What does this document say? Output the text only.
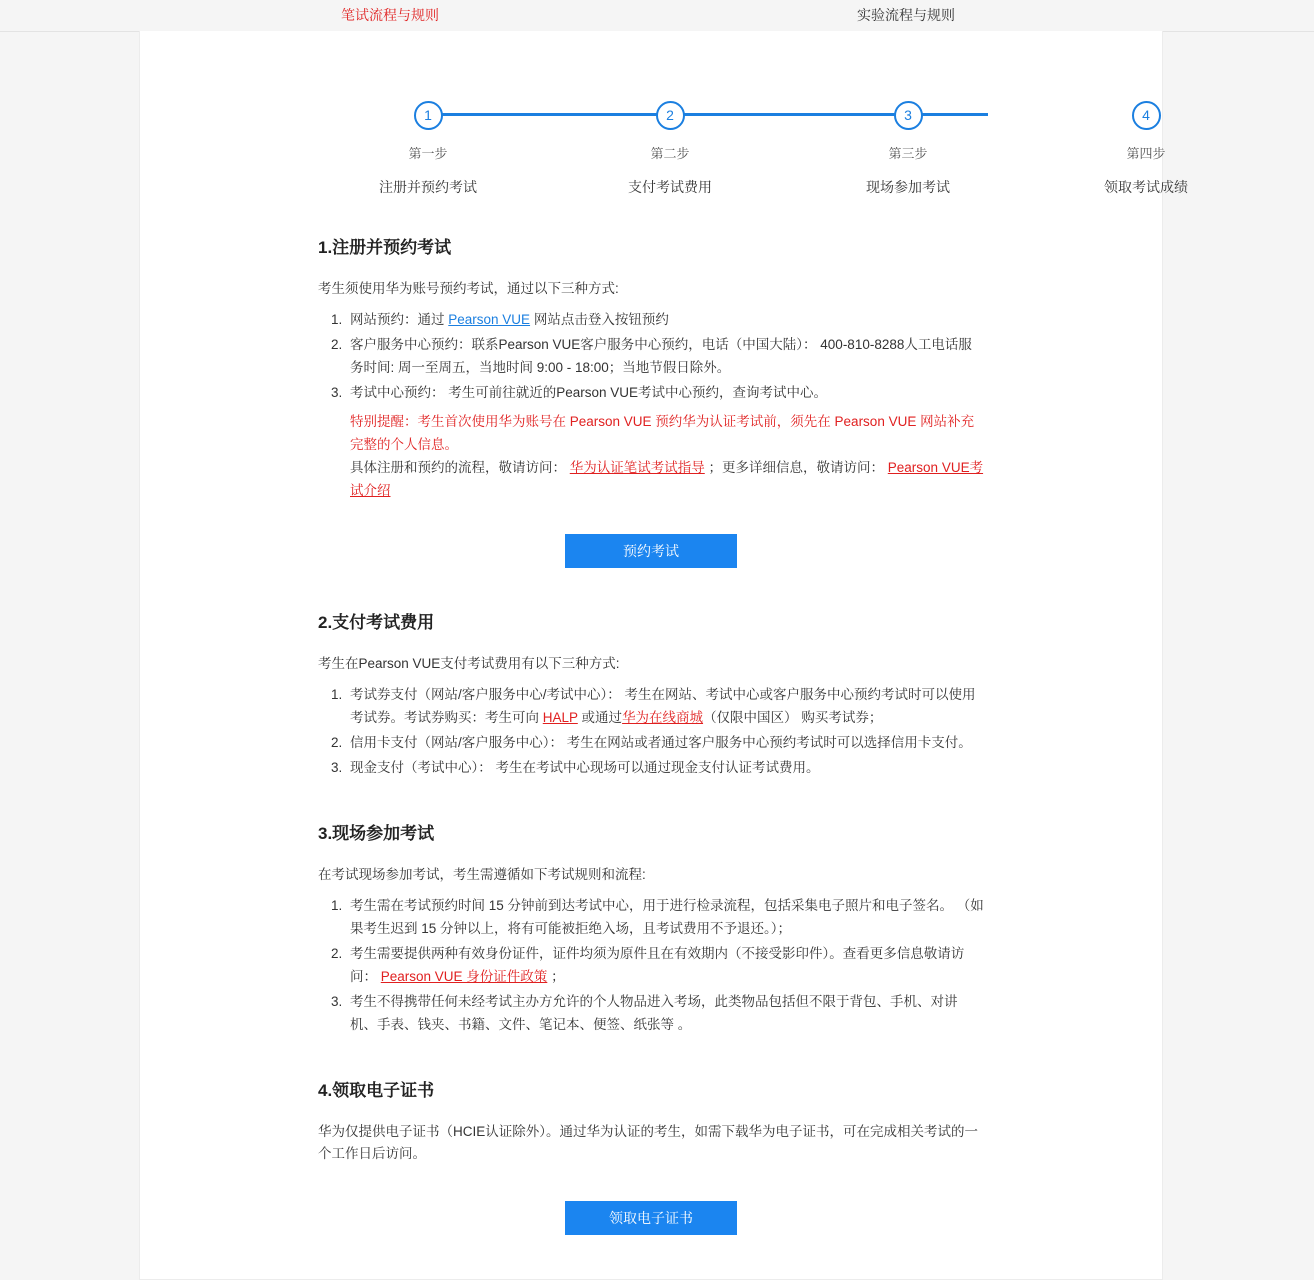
笔试流程与规则	实验流程与规则
1
第一步
注册并预约考试
2
第二步
支付考试费用
3
第三步
现场参加考试
4
第四步
领取考试成绩
1.注册并预约考试

考生须使用华为账号预约考试，通过以下三种方式:

1. 网站预约：通过 Pearson VUE 网站点击登入按钮预约
2. 客户服务中心预约：联系Pearson VUE客户服务中心预约，电话（中国大陆）： 400-810-8288人工电话服务时间: 周一至周五，当地时间 9:00 - 18:00；当地节假日除外。
3. 考试中心预约： 考生可前往就近的Pearson VUE考试中心预约，查询考试中心。
特别提醒：考生首次使用华为账号在 Pearson VUE 预约华为认证考试前，须先在 Pearson VUE 网站补充完整的个人信息。
具体注册和预约的流程，敬请访问： 华为认证笔试考试指导 ；更多详细信息，敬请访问： Pearson VUE考试介绍
预约考试
2.支付考试费用

考生在Pearson VUE支付考试费用有以下三种方式:

1. 考试券支付（网站/客户服务中心/考试中心）： 考生在网站、考试中心或客户服务中心预约考试时可以使用考试券。考试券购买：考生可向 HALP 或通过华为在线商城（仅限中国区） 购买考试券；
2. 信用卡支付（网站/客户服务中心）： 考生在网站或者通过客户服务中心预约考试时可以选择信用卡支付。
3. 现金支付（考试中心）： 考生在考试中心现场可以通过现金支付认证考试费用。
3.现场参加考试

在考试现场参加考试，考生需遵循如下考试规则和流程:

1. 考生需在考试预约时间 15 分钟前到达考试中心，用于进行检录流程，包括采集电子照片和电子签名。 （如果考生迟到 15 分钟以上，将有可能被拒绝入场，且考试费用不予退还。）；
2. 考生需要提供两种有效身份证件，证件均须为原件且在有效期内（不接受影印件）。查看更多信息敬请访问： Pearson VUE 身份证件政策 ；
3. 考生不得携带任何未经考试主办方允许的个人物品进入考场，此类物品包括但不限于背包、手机、对讲机、手表、钱夹、书籍、文件、笔记本、便签、纸张等 。
4.领取电子证书

华为仅提供电子证书（HCIE认证除外）。通过华为认证的考生，如需下载华为电子证书，可在完成相关考试的一个工作日后访问。

领取电子证书
